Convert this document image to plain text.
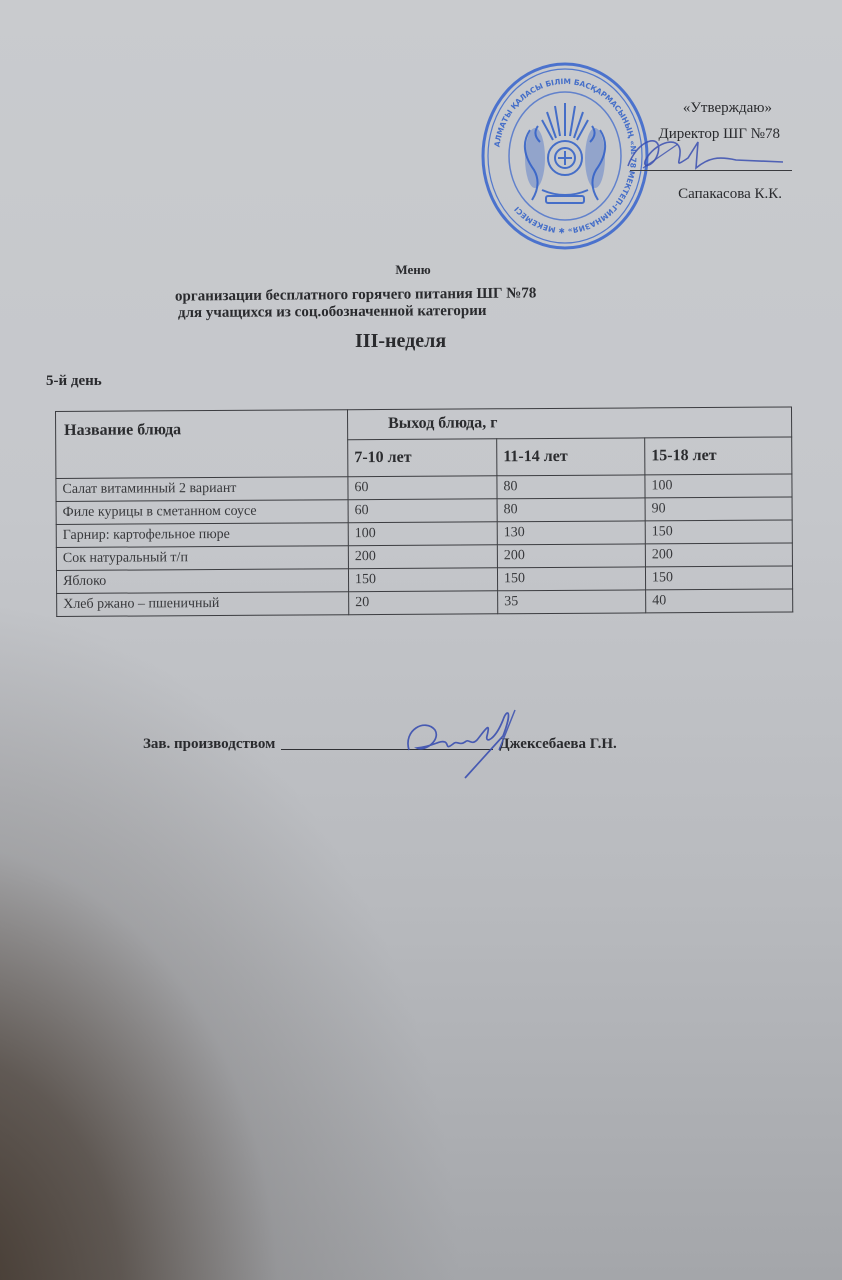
АЛМАТЫ ҚАЛАСЫ БІЛІМ БАСҚАРМАСЫНЫҢ «№ 78 МЕКТЕП-ГИМНАЗИЯ» ✱ МЕКЕМЕСІ
«Утверждаю»
Директор ШГ №78
Сапакасова К.К.
Меню
организации бесплатного горячего питания ШГ №78
для учащихся из соц.обозначенной категории
III-неделя
5-й день
Название блюда	Выход блюда, г		
	7-10 лет	11-14 лет	15-18 лет
Салат витаминный 2 вариант	60	80	100
Филе курицы в сметанном соусе	60	80	90
Гарнир: картофельное пюре	100	130	150
Сок натуральный т/п	200	200	200
Яблоко	150	150	150
Хлеб ржано – пшеничный	20	35	40
Зав. производством	Джексебаева Г.Н.
